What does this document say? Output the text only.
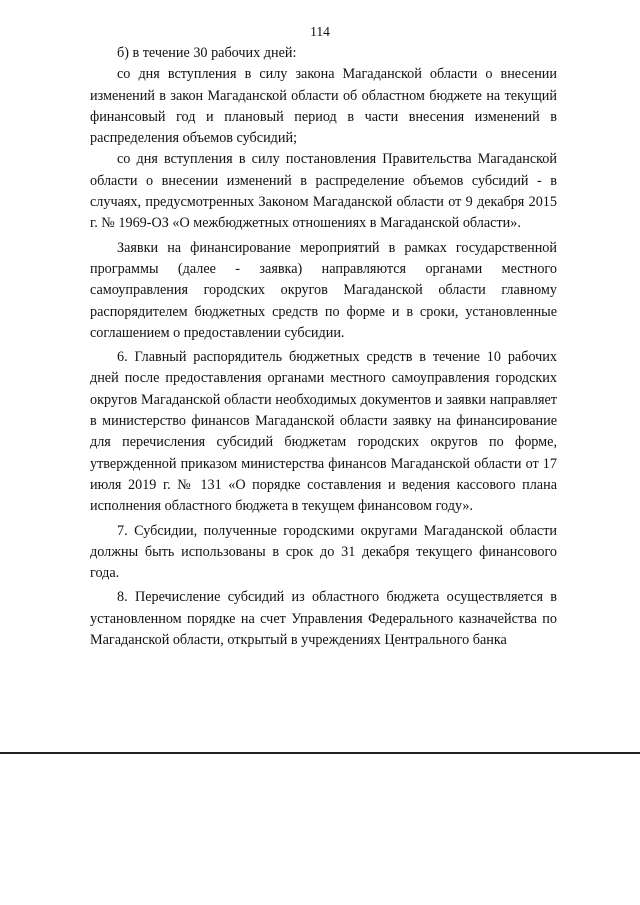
114

б) в течение 30 рабочих дней:

со дня вступления в силу закона Магаданской области о внесении изменений в закон Магаданской области об областном бюджете на текущий финансовый год и плановый период в части внесения изменений в распределения объемов субсидий;

со дня вступления в силу постановления Правительства Магаданской области о внесении изменений в распределение объемов субсидий - в случаях, предусмотренных Законом Магаданской области от 9 декабря 2015 г. № 1969-ОЗ «О межбюджетных отношениях в Магаданской области».

Заявки на финансирование мероприятий в рамках государственной программы (далее - заявка) направляются органами местного самоуправления городских округов Магаданской области главному распорядителем бюджетных средств по форме и в сроки, установленные соглашением о предоставлении субсидии.

6. Главный распорядитель бюджетных средств в течение 10 рабочих дней после предоставления органами местного самоуправления городских округов Магаданской области необходимых документов и заявки направляет в министерство финансов Магаданской области заявку на финансирование для перечисления субсидий бюджетам городских округов по форме, утвержденной приказом министерства финансов Магаданской области от 17 июля 2019 г. № 131 «О порядке составления и ведения кассового плана исполнения областного бюджета в текущем финансовом году».

7. Субсидии, полученные городскими округами Магаданской области должны быть использованы в срок до 31 декабря текущего финансового года.

8. Перечисление субсидий из областного бюджета осуществляется в установленном порядке на счет Управления Федерального казначейства по Магаданской области, открытый в учреждениях Центрального банка
